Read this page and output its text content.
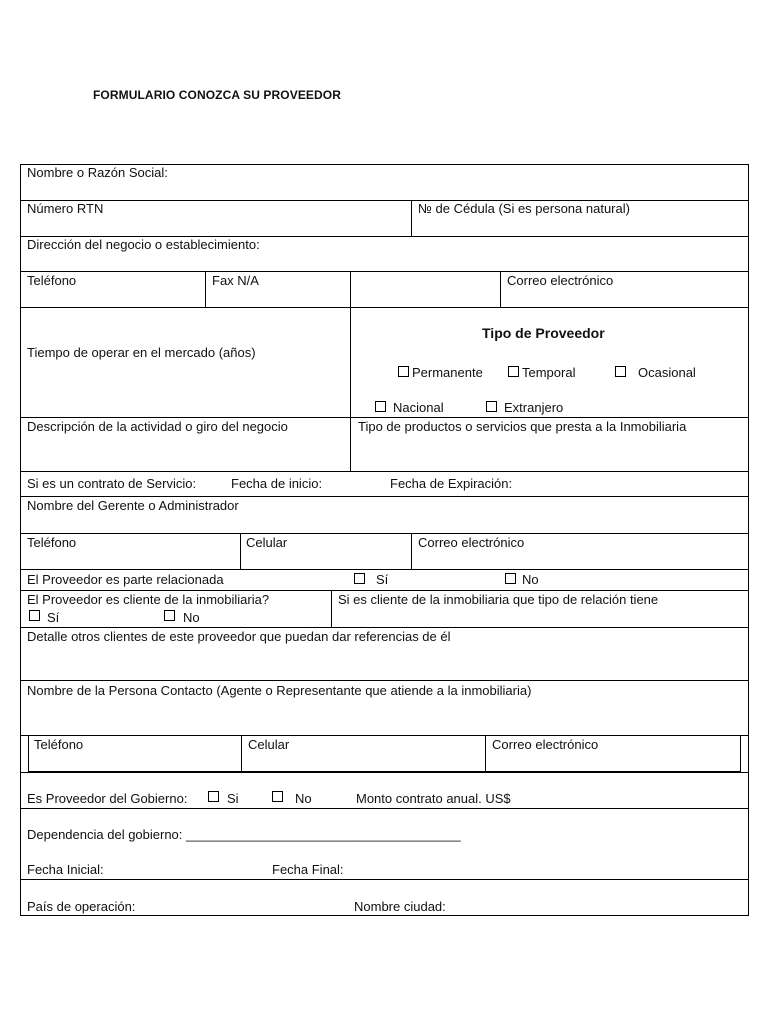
FORMULARIO CONOZCA SU PROVEEDOR
Nombre o Razón Social:
Número RTN	№ de Cédula (Si es persona natural)
Dirección del negocio o establecimiento:
Teléfono	Fax N/A	Correo electrónico
Tiempo de operar en el mercado (años)
Tipo de Proveedor
Permanente	Temporal	Ocasional
Nacional	Extranjero
Descripción de la actividad o giro del negocio	Tipo de productos o servicios que presta a la Inmobiliaria
Si es un contrato de Servicio:	Fecha de inicio:	Fecha de Expiración:
Nombre del Gerente o Administrador
Teléfono	Celular	Correo electrónico
El Proveedor es parte relacionada	Sí	No
El Proveedor es cliente de la inmobiliaria?
Sí	No
Si es cliente de la inmobiliaria que tipo de relación tiene
Detalle otros clientes de este proveedor que puedan dar referencias de él
Nombre de la Persona Contacto (Agente o Representante que atiende a la inmobiliaria)
Teléfono	Celular	Correo electrónico
Es Proveedor del Gobierno:	Si	No	Monto contrato anual. US$
Dependencia del gobierno: ______________________________________
Fecha Inicial:	Fecha Final:
País de operación:	Nombre ciudad:
